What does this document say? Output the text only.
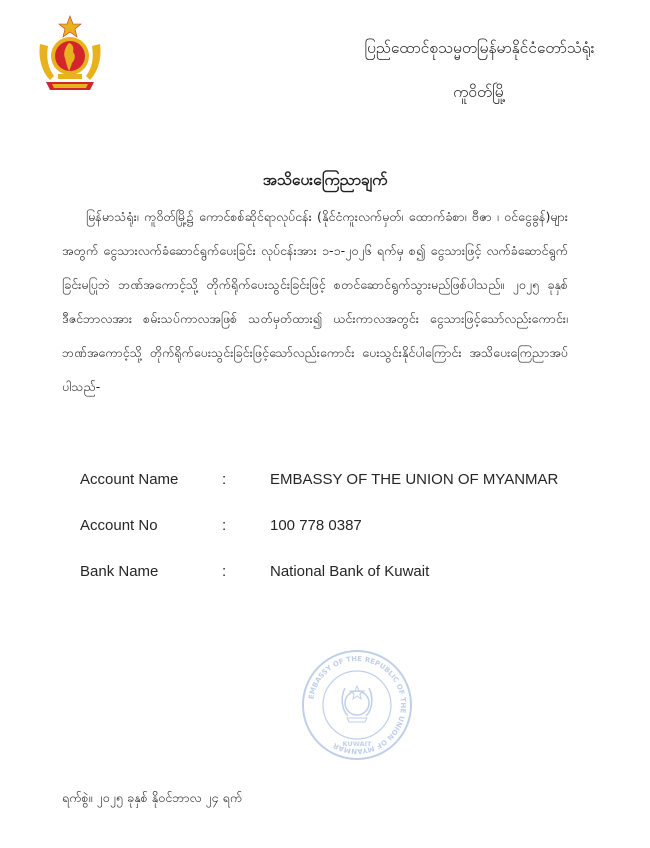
ပြည်ထောင်စုသမ္မတမြန်မာနိုင်ငံတော်သံရုံး
ကူဝိတ်မြို့
အသိပေးကြေညာချက်
မြန်မာသံရုံး၊ ကူဝိတ်မြို့၌ ကောင်စစ်ဆိုင်ရာလုပ်ငန်း (နိုင်ငံကူးလက်မှတ်၊ ထောက်ခံစာ၊ ဗီဇာ ၊ ဝင်ငွေခွန်)များအတွက် ငွေသားလက်ခံဆောင်ရွက်ပေးခြင်း လုပ်ငန်းအား ၁-၁-၂၀၂၆ ရက်မှ စ၍ ငွေသားဖြင့် လက်ခံဆောင်ရွက်ခြင်းမပြုဘဲ ဘဏ်အကောင့်သို့ တိုက်ရိုက်ပေးသွင်းခြင်းဖြင့် စတင်ဆောင်ရွက်သွားမည်ဖြစ်ပါသည်။ ၂၀၂၅ ခုနှစ် ဒီဇင်ဘာလအား စမ်းသပ်ကာလအဖြစ် သတ်မှတ်ထား၍ ယင်းကာလအတွင်း ငွေသားဖြင့်သော်လည်းကောင်း၊ ဘဏ်အကောင့်သို့ တိုက်ရိုက်ပေးသွင်းခြင်းဖြင့်သော်လည်းကောင်း ပေးသွင်းနိုင်ပါကြောင်း အသိပေးကြေညာအပ်ပါသည်-
Account Name	:	EMBASSY OF THE UNION OF MYANMAR
Account No	:	100 778 0387
Bank Name	:	National Bank of Kuwait
EMBASSY OF THE REPUBLIC OF THE UNION OF MYANMAR KUWAIT
ရက်စွဲ။ ၂၀၂၅ ခုနှစ် နိုဝင်ဘာလ ၂၄ ရက်
